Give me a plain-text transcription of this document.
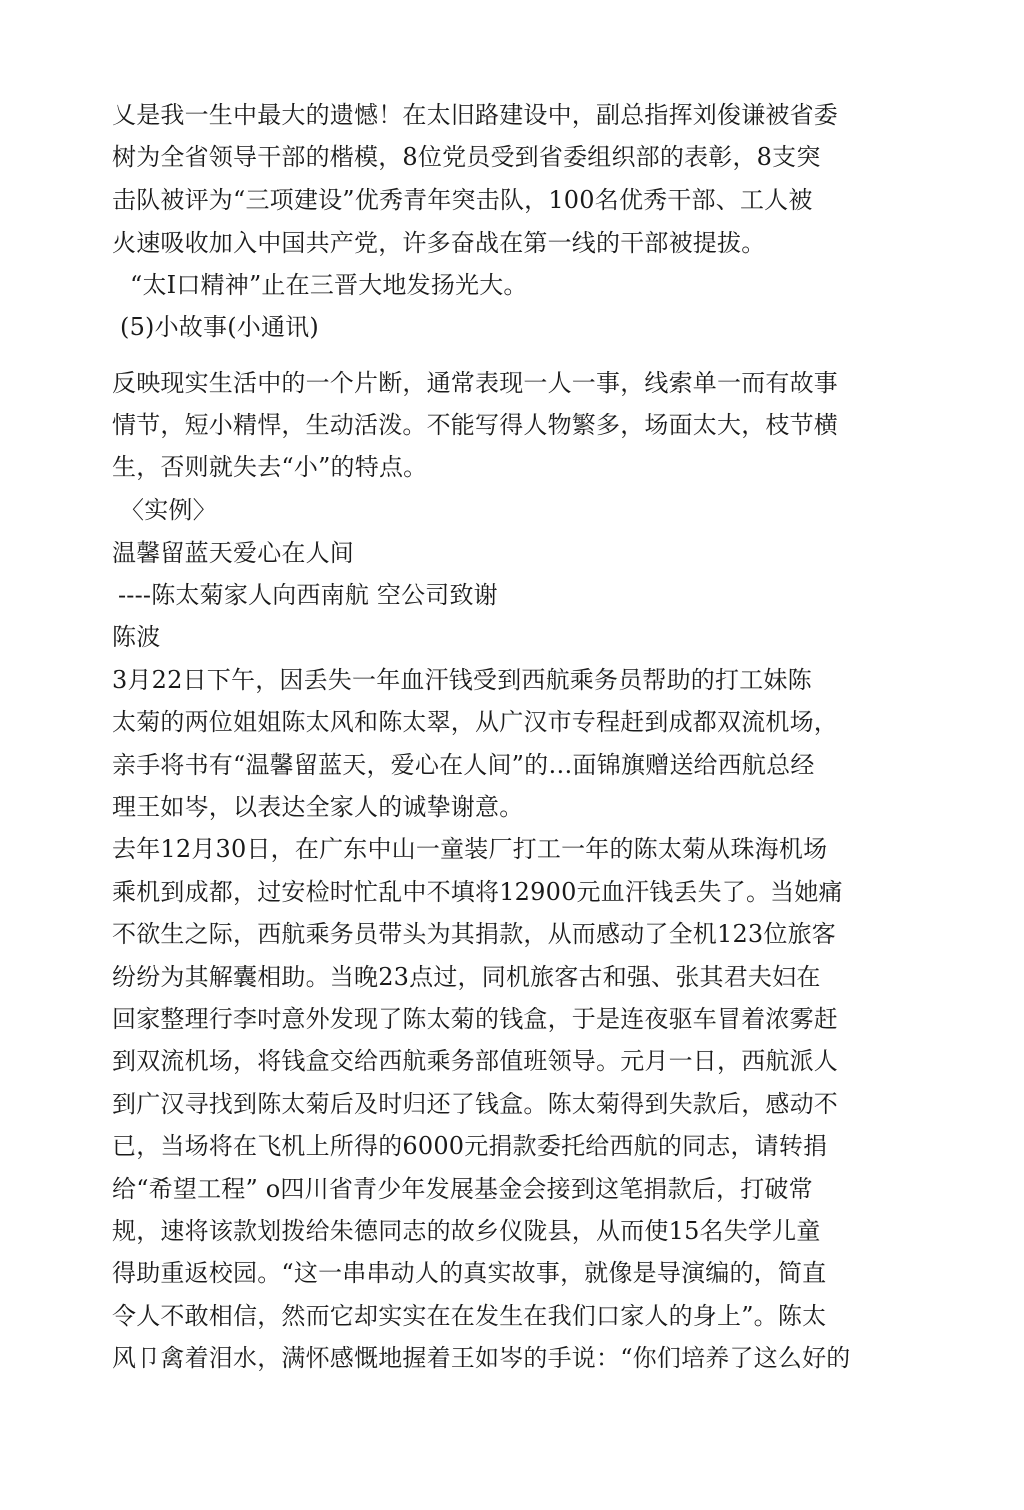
乂是我一生中最大的遗憾！在太旧路建设中，副总指挥刘俊谦被省委
树为全省领导干部的楷模，8位党员受到省委组织部的表彰，8支突
击队被评为“三项建设”优秀青年突击队，100名优秀干部、工人被
火速吸收加入中国共产党，许多奋战在第一线的干部被提拔。
“太I口精神”止在三晋大地发扬光大。
(5)小故事(小通讯)
反映现实生活中的一个片断，通常表现一人一事，线索单一而有故事
情节，短小精悍，生动活泼。不能写得人物繁多，场面太大，枝节横
生，否则就失去“小”的特点。
〈实例〉
温馨留蓝天爱心在人间
----陈太菊家人向西南航 空公司致谢
陈波
3月22日下午，因丢失一年血汗钱受到西航乘务员帮助的打工妹陈
太菊的两位姐姐陈太风和陈太翠，从广汉市专程赶到成都双流机场，
亲手将书有“温馨留蓝天，爱心在人间”的…面锦旗赠送给西航总经
理王如岑，以表达全家人的诚挚谢意。
去年12月30日，在广东中山一童装厂打工一年的陈太菊从珠海机场
乘机到成都，过安检时忙乱中不填将12900元血汗钱丢失了。当她痛
不欲生之际，西航乘务员带头为其捐款，从而感动了全机123位旅客
纷纷为其解囊相助。当晚23点过，同机旅客古和强、张其君夫妇在
回家整理行李吋意外发现了陈太菊的钱盒，于是连夜驱车冒着浓雾赶
到双流机场，将钱盒交给西航乘务部值班领导。元月一日，西航派人
到广汉寻找到陈太菊后及时归还了钱盒。陈太菊得到失款后，感动不
已，当场将在飞机上所得的6000元捐款委托给西航的同志，请转捐
给“希望工程” o四川省青少年发展基金会接到这笔捐款后，打破常
规，速将该款划拨给朱德同志的故乡仪陇县，从而使15名失学儿童
得助重返校园。“这一串串动人的真实故事，就像是导演编的，简直
令人不敢相信，然而它却实实在在发生在我们口家人的身上”。陈太
风卩禽着泪水，满怀感慨地握着王如岑的手说：“你们培养了这么好的
